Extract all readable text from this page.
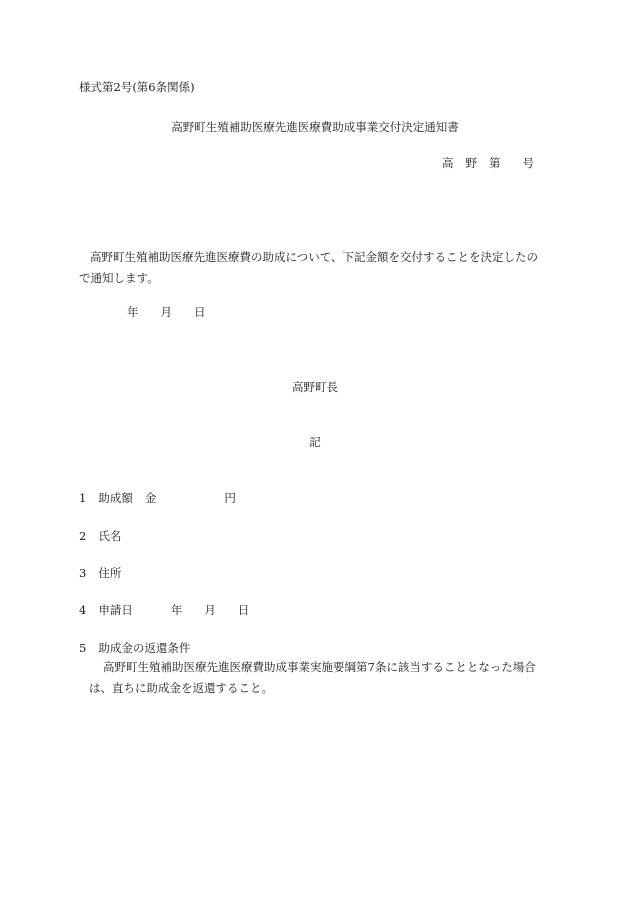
様式第2号(第6条関係)
高野町生殖補助医療先進医療費助成事業交付決定通知書
高 野 第 号
高野町生殖補助医療先進医療費の助成について、下記金額を交付することを決定したので通知します。
年 月 日
高野町長
記
1 助成額 金	円
2 氏名
3 住所
4 申請日	年 月 日
5 助成金の返還条件
高野町生殖補助医療先進医療費助成事業実施要綱第7条に該当することとなった場合は、直ちに助成金を返還すること。
